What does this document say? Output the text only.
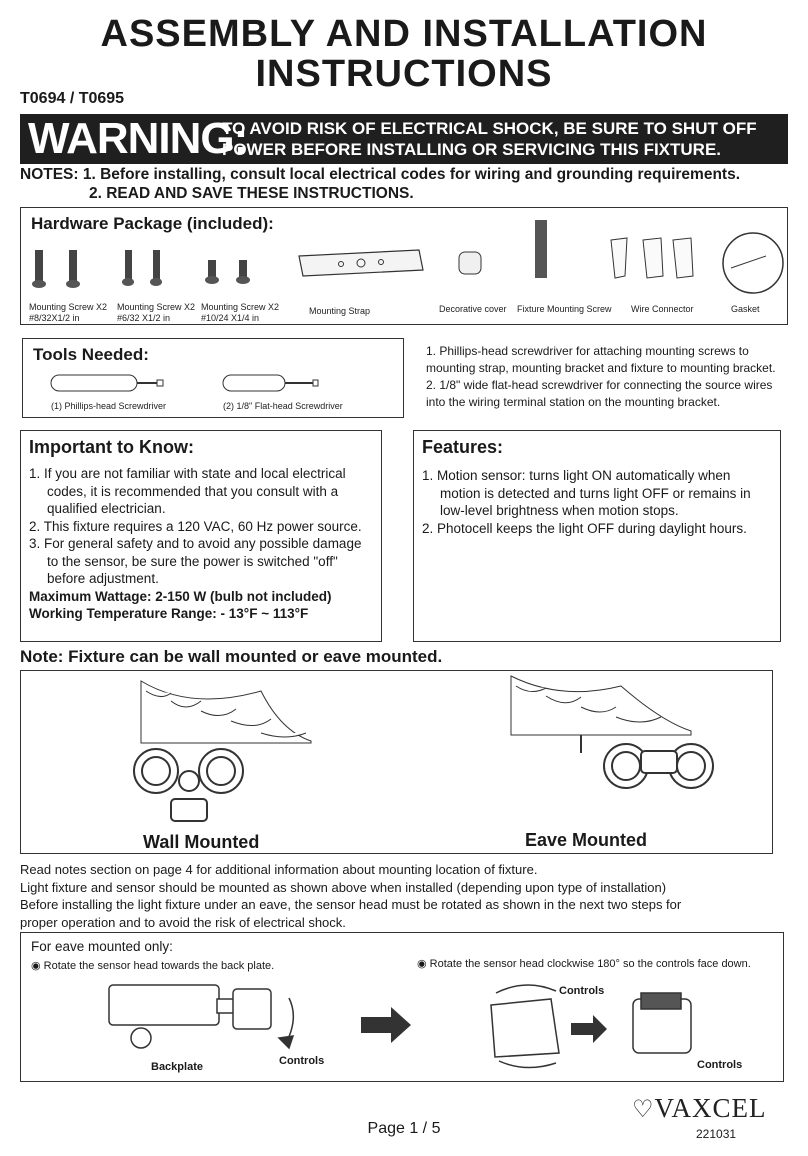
ASSEMBLY AND INSTALLATION
INSTRUCTIONS
T0694 / T0695
WARNING:
TO AVOID RISK OF ELECTRICAL SHOCK, BE SURE TO SHUT OFF
POWER BEFORE INSTALLING OR SERVICING THIS FIXTURE.
NOTES: 1. Before installing, consult local electrical codes for wiring and grounding requirements.
2. READ AND SAVE THESE INSTRUCTIONS.
Hardware Package (included):
Mounting Screw X2
#8/32X1/2 in
Mounting Screw X2
#6/32 X1/2 in
Mounting Screw X2
#10/24 X1/4 in
Mounting Strap	Decorative cover Fixture Mounting Screw Wire Connector	Gasket
Tools Needed:
(1) Phillips-head Screwdriver	(2) 1/8" Flat-head Screwdriver
1. Phillips-head screwdriver for attaching mounting screws to mounting strap, mounting bracket and fixture to mounting bracket.
2. 1/8" wide flat-head screwdriver for connecting the source wires into the wiring terminal station on the mounting bracket.
Important to Know:
1. If you are not familiar with state and local electrical codes, it is recommended that you consult with a qualified electrician.
2. This fixture requires a 120 VAC, 60 Hz power source.
3. For general safety and to avoid any possible damage to the sensor, be sure the power is switched "off" before adjustment.
Maximum Wattage: 2-150 W (bulb not included)
Working Temperature Range: - 13°F ~ 113°F
Features:
1. Motion sensor: turns light ON automatically when motion is detected and turns light OFF or remains in low-level brightness when motion stops.
2. Photocell keeps the light OFF during daylight hours.
Note: Fixture can be wall mounted or eave mounted.
Wall Mounted	Eave Mounted
Read notes section on page 4 for additional information about mounting location of fixture.
Light fixture and sensor should be mounted as shown above when installed (depending upon type of installation)
Before installing the light fixture under an eave, the sensor head must be rotated as shown in the next two steps for
proper operation and to avoid the risk of electrical shock.
For eave mounted only:
◉ Rotate the sensor head towards the back plate.	◉ Rotate the sensor head clockwise 180° so the controls face down.
Backplate	Controls
Controls
Controls
Page 1 / 5
♡VAXCEL
221031
